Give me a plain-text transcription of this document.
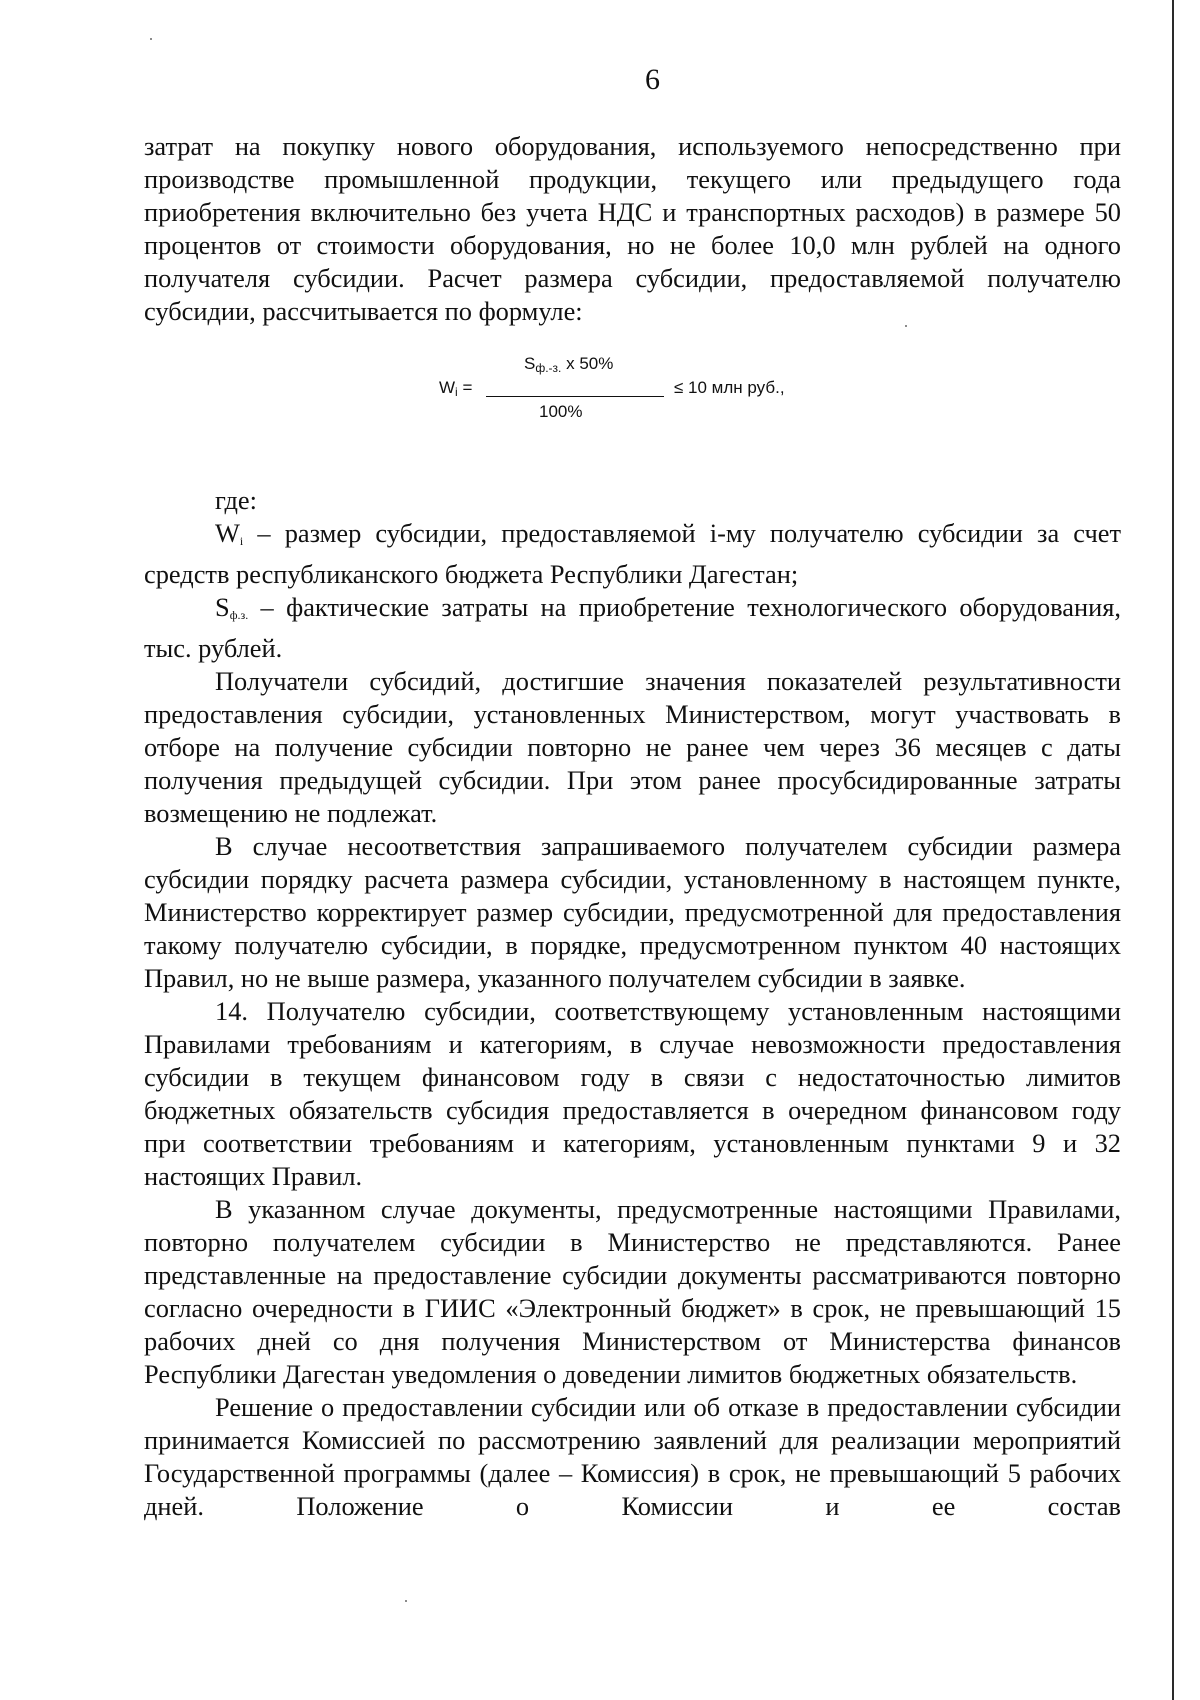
6

затрат на покупку нового оборудования, используемого непосредственно при производстве промышленной продукции, текущего или предыдущего года приобретения включительно без учета НДС и транспортных расходов) в размере 50 процентов от стоимости оборудования, но не более 10,0 млн рублей на одного получателя субсидии. Расчет размера субсидии, предоставляемой получателю субсидии, рассчитывается по формуле:

$S_{ф.-з.}$ х 50%
$W_i$ =	≤ 10 млн руб.,
100%

где:

$W_i$ – размер субсидии, предоставляемой i-му получателю субсидии за счет средств республиканского бюджета Республики Дагестан;

$S_{ф.з.}$ – фактические затраты на приобретение технологического оборудования, тыс. рублей.

Получатели субсидий, достигшие значения показателей результативности предоставления субсидии, установленных Министерством, могут участвовать в отборе на получение субсидии повторно не ранее чем через 36 месяцев с даты получения предыдущей субсидии. При этом ранее просубсидированные затраты возмещению не подлежат.

В случае несоответствия запрашиваемого получателем субсидии размера субсидии порядку расчета размера субсидии, установленному в настоящем пункте, Министерство корректирует размер субсидии, предусмотренной для предоставления такому получателю субсидии, в порядке, предусмотренном пунктом 40 настоящих Правил, но не выше размера, указанного получателем субсидии в заявке.

14. Получателю субсидии, соответствующему установленным настоящими Правилами требованиям и категориям, в случае невозможности предоставления субсидии в текущем финансовом году в связи с недостаточностью лимитов бюджетных обязательств субсидия предоставляется в очередном финансовом году при соответствии требованиям и категориям, установленным пунктами 9 и 32 настоящих Правил.

В указанном случае документы, предусмотренные настоящими Правилами, повторно получателем субсидии в Министерство не представляются. Ранее представленные на предоставление субсидии документы рассматриваются повторно согласно очередности в ГИИС «Электронный бюджет» в срок, не превышающий 15 рабочих дней со дня получения Министерством от Министерства финансов Республики Дагестан уведомления о доведении лимитов бюджетных обязательств.

Решение о предоставлении субсидии или об отказе в предоставлении субсидии принимается Комиссией по рассмотрению заявлений для реализации мероприятий Государственной программы (далее – Комиссия) в срок, не превышающий 5 рабочих дней. Положение о Комиссии и ее состав
